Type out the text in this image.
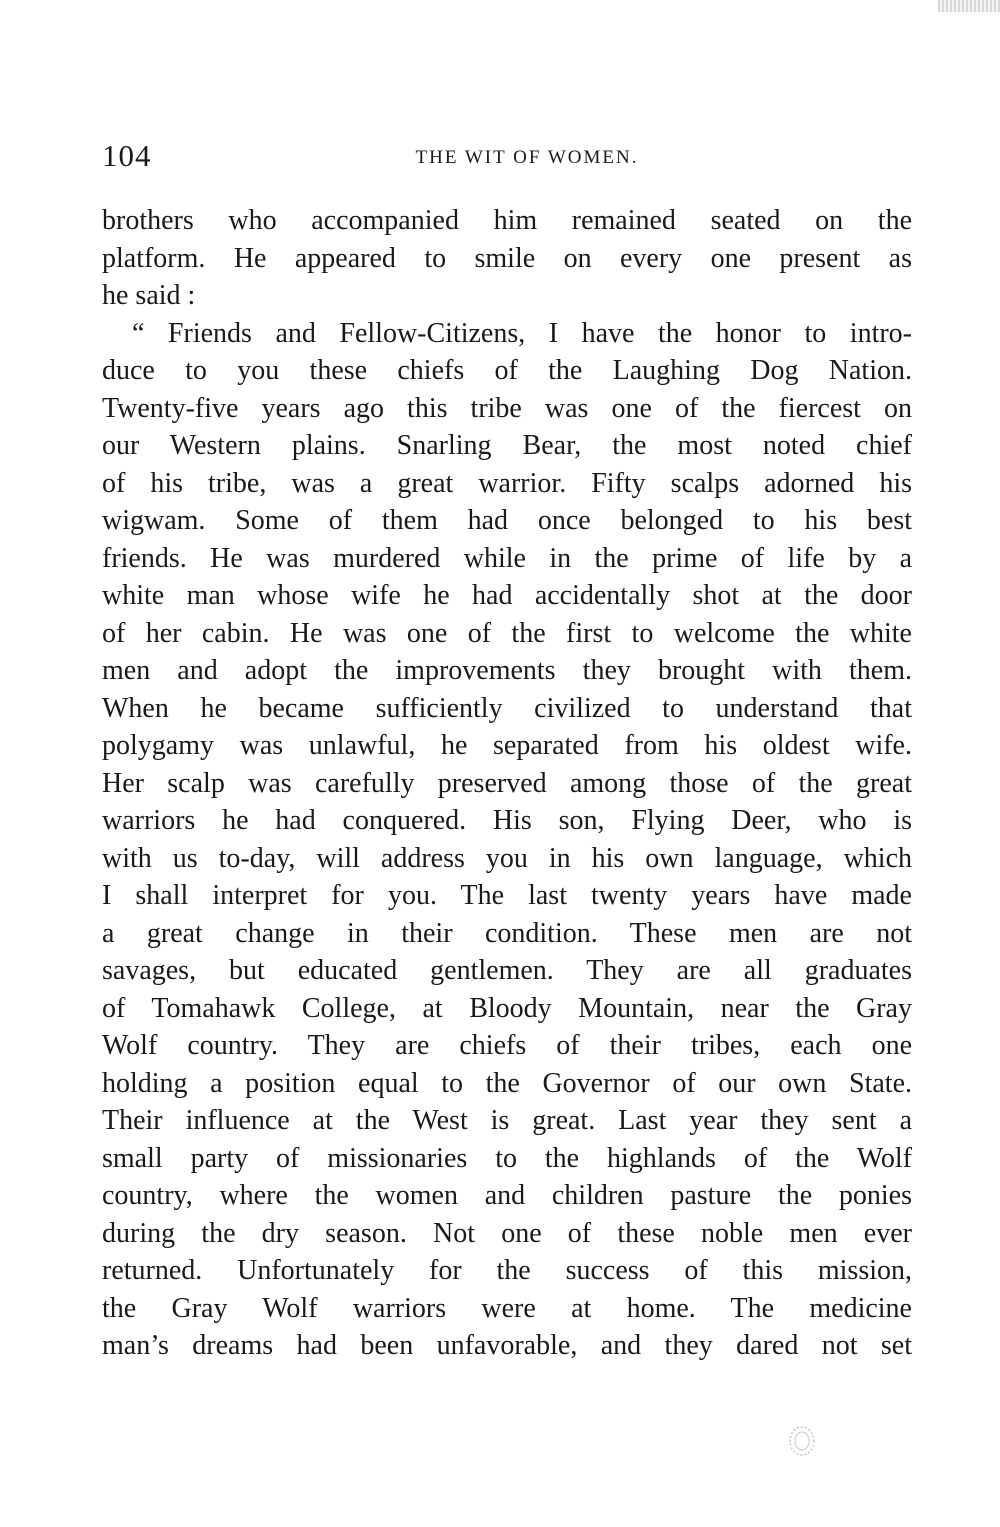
104	THE WIT OF WOMEN.
brothers who accompanied him remained seated on the
platform. He appeared to smile on every one present as
he said :
“ Friends and Fellow-Citizens, I have the honor to intro-
duce to you these chiefs of the Laughing Dog Nation.
Twenty-five years ago this tribe was one of the fiercest on
our Western plains. Snarling Bear, the most noted chief
of his tribe, was a great warrior. Fifty scalps adorned his
wigwam. Some of them had once belonged to his best
friends. He was murdered while in the prime of life by a
white man whose wife he had accidentally shot at the door
of her cabin. He was one of the first to welcome the white
men and adopt the improvements they brought with them.
When he became sufficiently civilized to understand that
polygamy was unlawful, he separated from his oldest wife.
Her scalp was carefully preserved among those of the great
warriors he had conquered. His son, Flying Deer, who is
with us to-day, will address you in his own language, which
I shall interpret for you. The last twenty years have made
a great change in their condition. These men are not
savages, but educated gentlemen. They are all graduates
of Tomahawk College, at Bloody Mountain, near the Gray
Wolf country. They are chiefs of their tribes, each one
holding a position equal to the Governor of our own State.
Their influence at the West is great. Last year they sent a
small party of missionaries to the highlands of the Wolf
country, where the women and children pasture the ponies
during the dry season. Not one of these noble men ever
returned. Unfortunately for the success of this mission,
the Gray Wolf warriors were at home. The medicine
man’s dreams had been unfavorable, and they dared not set
